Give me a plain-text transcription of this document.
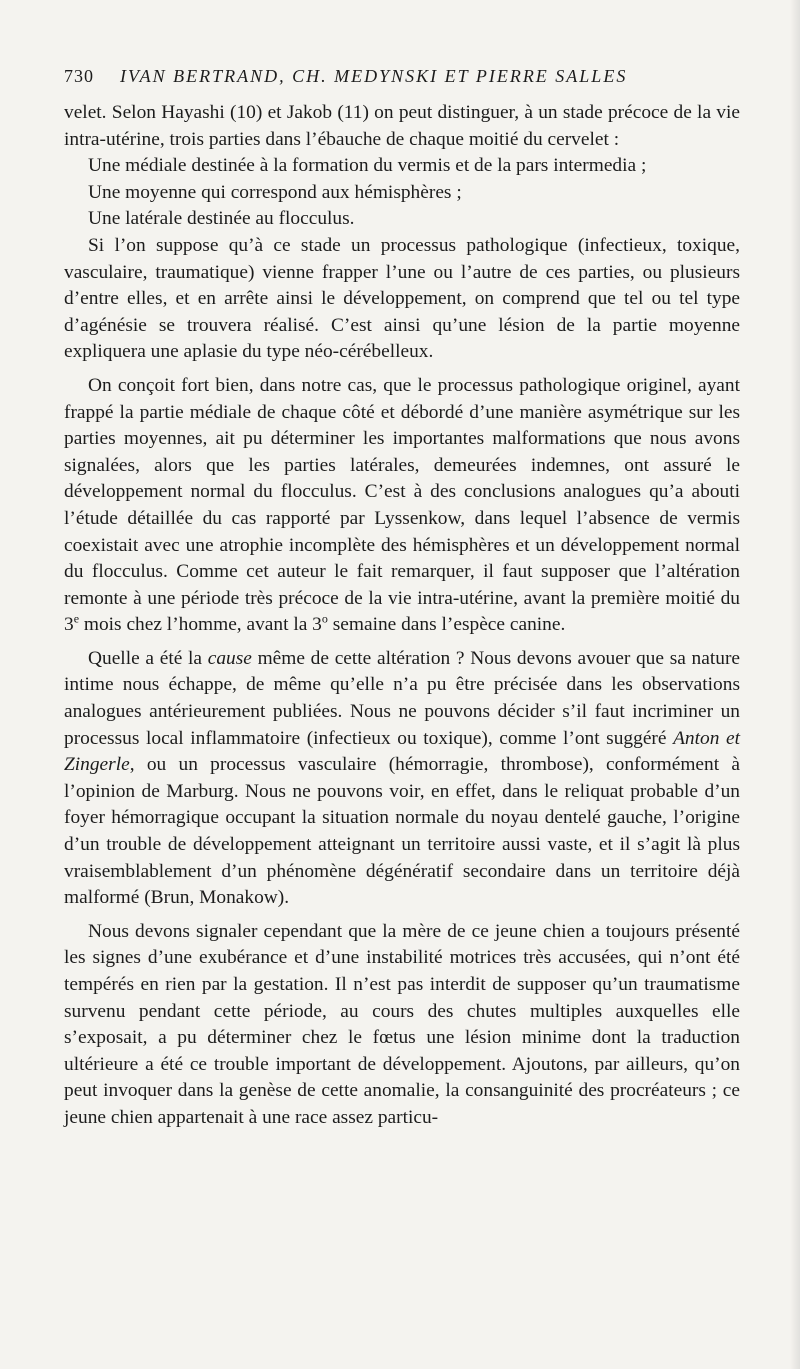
730 IVAN BERTRAND, CH. MEDYNSKI ET PIERRE SALLES

velet. Selon Hayashi (10) et Jakob (11) on peut distinguer, à un stade précoce de la vie intra-utérine, trois parties dans l’ébauche de chaque moitié du cervelet :

Une médiale destinée à la formation du vermis et de la pars intermedia ;

Une moyenne qui correspond aux hémisphères ;

Une latérale destinée au flocculus.

Si l’on suppose qu’à ce stade un processus pathologique (infectieux, toxique, vasculaire, traumatique) vienne frapper l’une ou l’autre de ces parties, ou plusieurs d’entre elles, et en arrête ainsi le développement, on comprend que tel ou tel type d’agénésie se trouvera réalisé. C’est ainsi qu’une lésion de la partie moyenne expliquera une aplasie du type néo-cérébelleux.

On conçoit fort bien, dans notre cas, que le processus pathologique originel, ayant frappé la partie médiale de chaque côté et débordé d’une manière asymétrique sur les parties moyennes, ait pu déterminer les importantes malformations que nous avons signalées, alors que les parties latérales, demeurées indemnes, ont assuré le développement normal du flocculus. C’est à des conclusions analogues qu’a abouti l’étude détaillée du cas rapporté par Lyssenkow, dans lequel l’absence de vermis coexistait avec une atrophie incomplète des hémisphères et un développement normal du flocculus. Comme cet auteur le fait remarquer, il faut supposer que l’altération remonte à une période très précoce de la vie intra-utérine, avant la première moitié du 3e mois chez l’homme, avant la 3$^o$ semaine dans l’espèce canine.

Quelle a été la cause même de cette altération ? Nous devons avouer que sa nature intime nous échappe, de même qu’elle n’a pu être précisée dans les observations analogues antérieurement publiées. Nous ne pouvons décider s’il faut incriminer un processus local inflammatoire (infectieux ou toxique), comme l’ont suggéré Anton et Zingerle, ou un processus vasculaire (hémorragie, thrombose), conformément à l’opinion de Marburg. Nous ne pouvons voir, en effet, dans le reliquat probable d’un foyer hémorragique occupant la situation normale du noyau dentelé gauche, l’origine d’un trouble de développement atteignant un territoire aussi vaste, et il s’agit là plus vraisemblablement d’un phénomène dégénératif secondaire dans un territoire déjà malformé (Brun, Monakow).

Nous devons signaler cependant que la mère de ce jeune chien a toujours présenté les signes d’une exubérance et d’une instabilité motrices très accusées, qui n’ont été tempérés en rien par la gestation. Il n’est pas interdit de supposer qu’un traumatisme survenu pendant cette période, au cours des chutes multiples auxquelles elle s’exposait, a pu déterminer chez le fœtus une lésion minime dont la traduction ultérieure a été ce trouble important de développement. Ajoutons, par ailleurs, qu’on peut invoquer dans la genèse de cette anomalie, la consanguinité des procréateurs ; ce jeune chien appartenait à une race assez particu-
